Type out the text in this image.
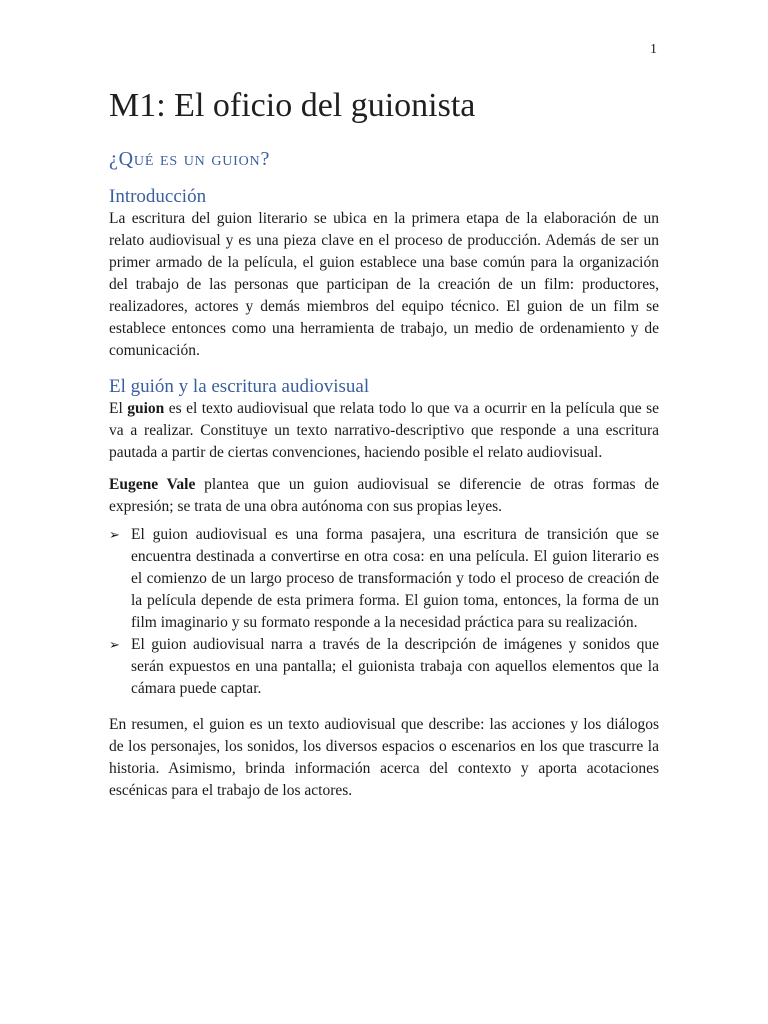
1
M1: El oficio del guionista
¿Qué es un guion?
Introducción

La escritura del guion literario se ubica en la primera etapa de la elaboración de un relato audiovisual y es una pieza clave en el proceso de producción. Además de ser un primer armado de la película, el guion establece una base común para la organización del trabajo de las personas que participan de la creación de un film: productores, realizadores, actores y demás miembros del equipo técnico. El guion de un film se establece entonces como una herramienta de trabajo, un medio de ordenamiento y de comunicación.

El guión y la escritura audiovisual

El guion es el texto audiovisual que relata todo lo que va a ocurrir en la película que se va a realizar. Constituye un texto narrativo-descriptivo que responde a una escritura pautada a partir de ciertas convenciones, haciendo posible el relato audiovisual.

Eugene Vale plantea que un guion audiovisual se diferencie de otras formas de expresión; se trata de una obra autónoma con sus propias leyes.

➢ El guion audiovisual es una forma pasajera, una escritura de transición que se encuentra destinada a convertirse en otra cosa: en una película. El guion literario es el comienzo de un largo proceso de transformación y todo el proceso de creación de la película depende de esta primera forma. El guion toma, entonces, la forma de un film imaginario y su formato responde a la necesidad práctica para su realización.
➢ El guion audiovisual narra a través de la descripción de imágenes y sonidos que serán expuestos en una pantalla; el guionista trabaja con aquellos elementos que la cámara puede captar.

En resumen, el guion es un texto audiovisual que describe: las acciones y los diálogos de los personajes, los sonidos, los diversos espacios o escenarios en los que trascurre la historia. Asimismo, brinda información acerca del contexto y aporta acotaciones escénicas para el trabajo de los actores.
